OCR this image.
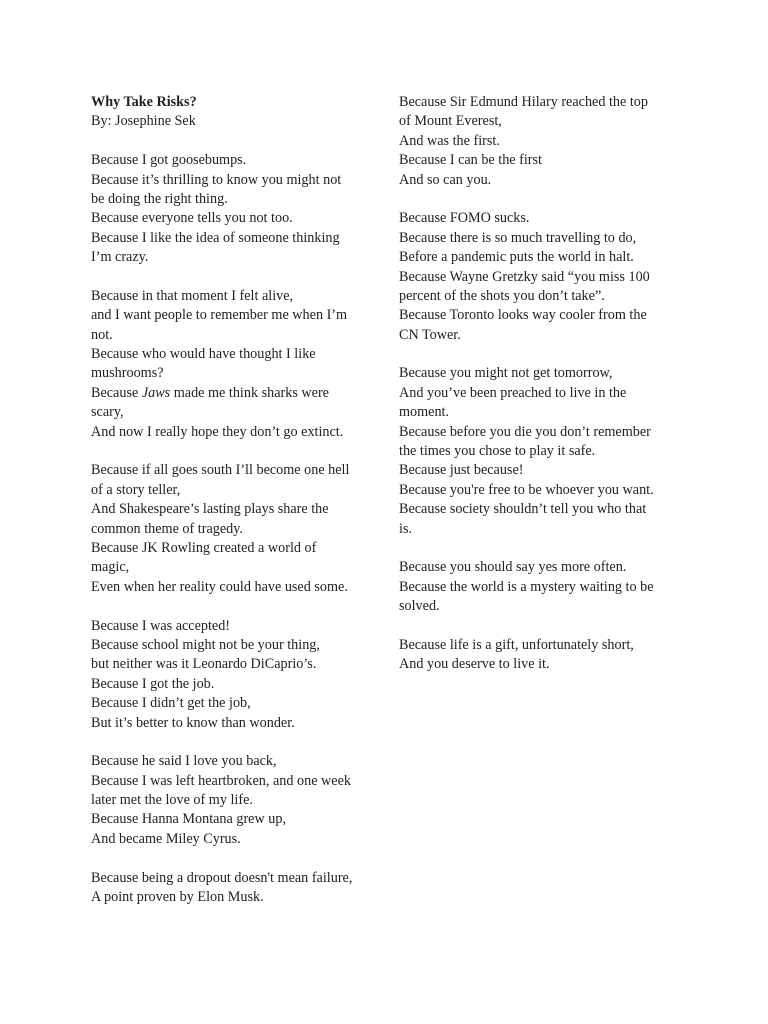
Why Take Risks?
By: Josephine Sek
Because I got goosebumps.
Because it’s thrilling to know you might not
be doing the right thing.
Because everyone tells you not too.
Because I like the idea of someone thinking
I’m crazy.
Because in that moment I felt alive,
and I want people to remember me when I’m
not.
Because who would have thought I like
mushrooms?
Because Jaws made me think sharks were
scary,
And now I really hope they don’t go extinct.
Because if all goes south I’ll become one hell
of a story teller,
And Shakespeare’s lasting plays share the
common theme of tragedy.
Because JK Rowling created a world of
magic,
Even when her reality could have used some.
Because I was accepted!
Because school might not be your thing,
but neither was it Leonardo DiCaprio’s.
Because I got the job.
Because I didn’t get the job,
But it’s better to know than wonder.
Because he said I love you back,
Because I was left heartbroken, and one week
later met the love of my life.
Because Hanna Montana grew up,
And became Miley Cyrus.
Because being a dropout doesn't mean failure,
A point proven by Elon Musk.
Because Sir Edmund Hilary reached the top
of Mount Everest,
And was the first.
Because I can be the first
And so can you.
Because FOMO sucks.
Because there is so much travelling to do,
Before a pandemic puts the world in halt.
Because Wayne Gretzky said “you miss 100
percent of the shots you don’t take”.
Because Toronto looks way cooler from the
CN Tower.
Because you might not get tomorrow,
And you’ve been preached to live in the
moment.
Because before you die you don’t remember
the times you chose to play it safe.
Because just because!
Because you're free to be whoever you want.
Because society shouldn’t tell you who that
is.
Because you should say yes more often.
Because the world is a mystery waiting to be
solved.
Because life is a gift, unfortunately short,
And you deserve to live it.
